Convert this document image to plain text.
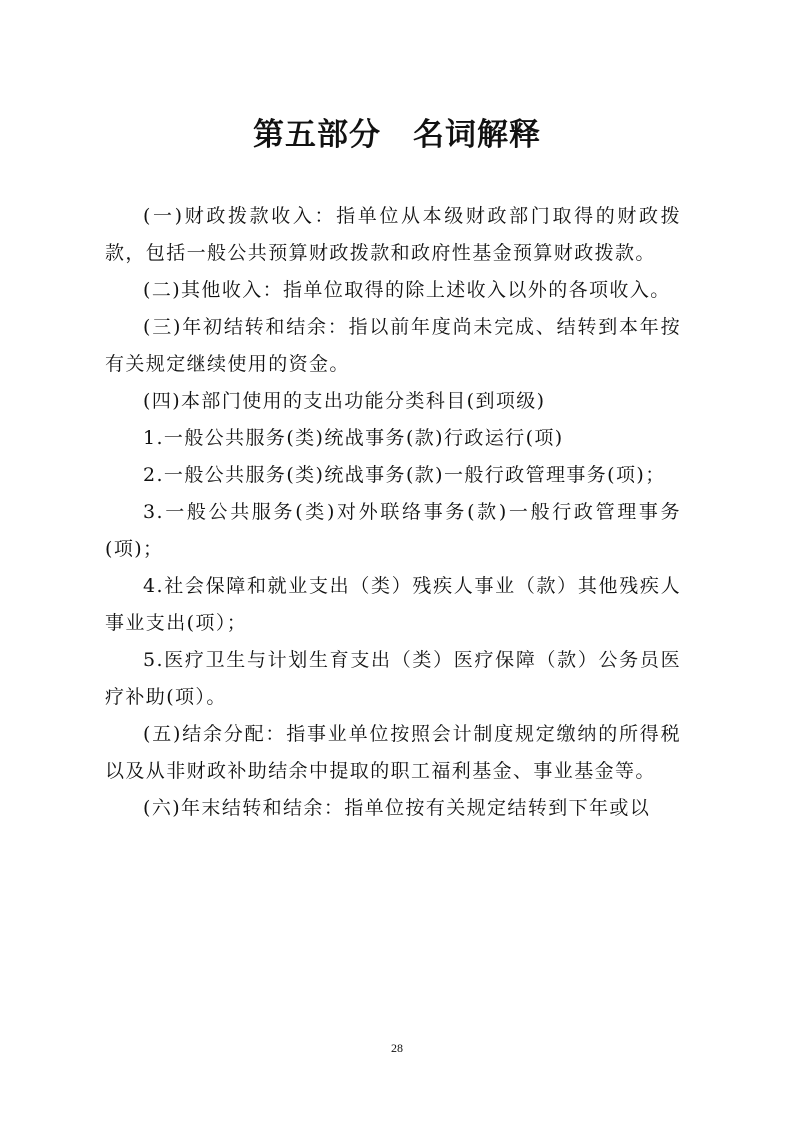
第五部分　名词解释

(一)财政拨款收入：指单位从本级财政部门取得的财政拨款，包括一般公共预算财政拨款和政府性基金预算财政拨款。

(二)其他收入：指单位取得的除上述收入以外的各项收入。

(三)年初结转和结余：指以前年度尚未完成、结转到本年按有关规定继续使用的资金。

(四)本部门使用的支出功能分类科目(到项级)

1.一般公共服务(类)统战事务(款)行政运行(项)

2.一般公共服务(类)统战事务(款)一般行政管理事务(项)；

3.一般公共服务(类)对外联络事务(款)一般行政管理事务(项)；

4.社会保障和就业支出（类）残疾人事业（款）其他残疾人事业支出(项）；

5.医疗卫生与计划生育支出（类）医疗保障（款）公务员医疗补助(项）。

(五)结余分配：指事业单位按照会计制度规定缴纳的所得税以及从非财政补助结余中提取的职工福利基金、事业基金等。

(六)年末结转和结余：指单位按有关规定结转到下年或以

28
